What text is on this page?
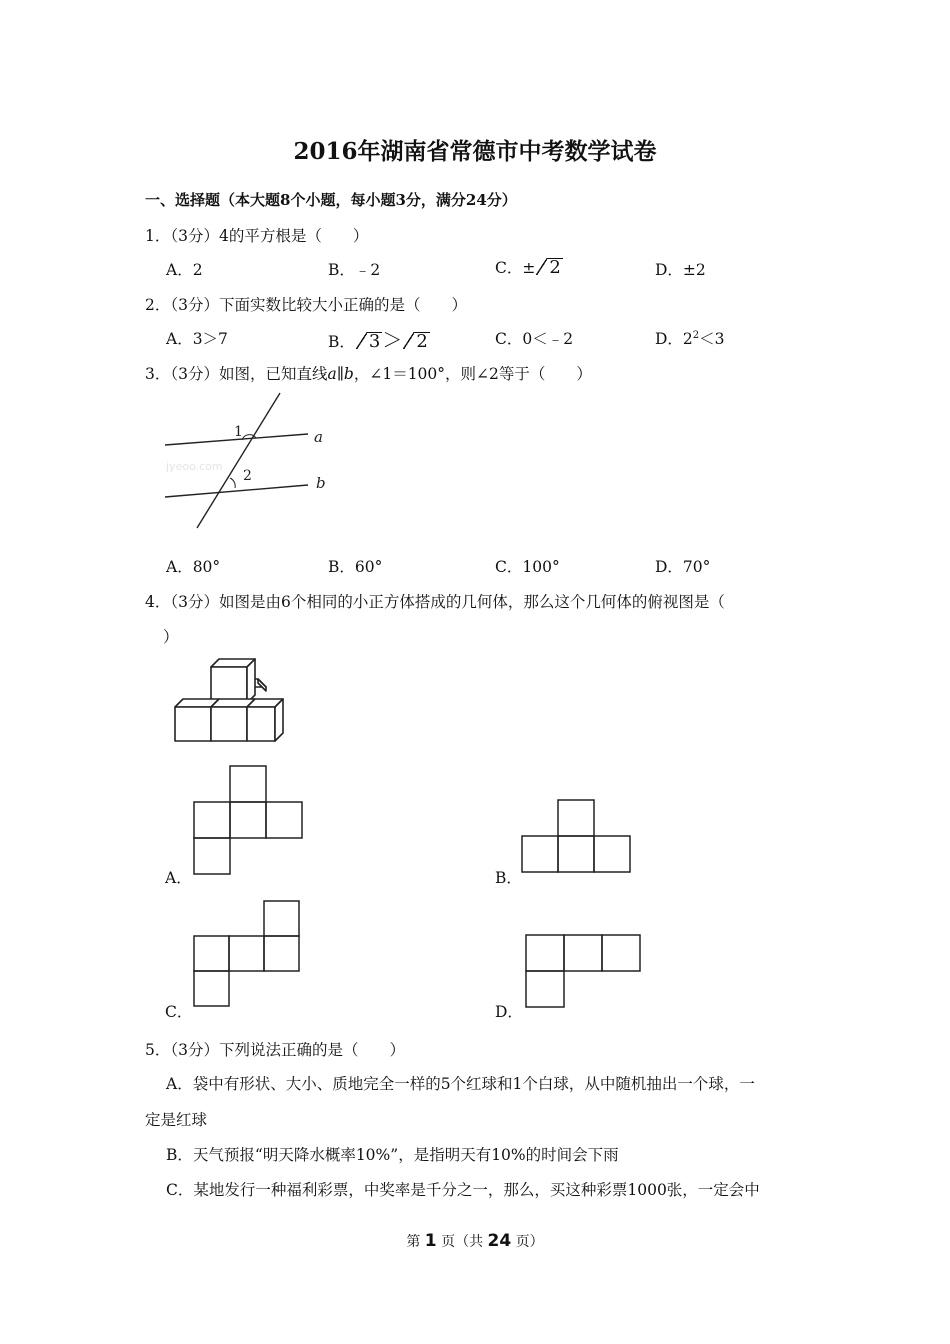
2016年湖南省常德市中考数学试卷
一、选择题（本大题8个小题，每小题3分，满分24分）
1．（3分）4的平方根是（　　）
A．2	B．﹣2	C．± 2	D．±2
2．（3分）下面实数比较大小正确的是（　　）
A．3＞7	B． 3 ＞ 2	C．0＜﹣2	D．$2^2<3$
3．（3分）如图，已知直线a∥b，∠1＝100°，则∠2等于（　　）
1
2
a
b
jyeoo.com
A．80°	B．60°	C．100°	D．70°
4．（3分）如图是由6个相同的小正方体搭成的几何体，那么这个几何体的俯视图是（
）
A．	B．
C．	D．
5．（3分）下列说法正确的是（　　）
A．袋中有形状、大小、质地完全一样的5个红球和1个白球，从中随机抽出一个球，一
定是红球
B．天气预报“明天降水概率10%”，是指明天有10%的时间会下雨
C．某地发行一种福利彩票，中奖率是千分之一，那么，买这种彩票1000张，一定会中
第 1 页（共 24 页）
